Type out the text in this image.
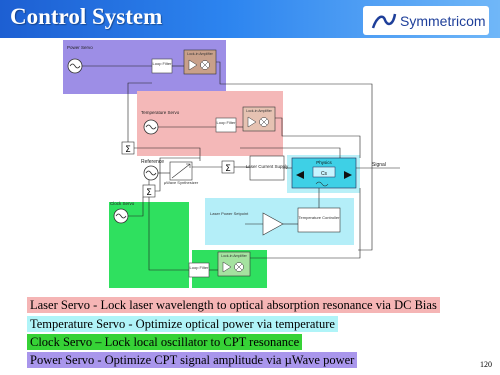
Control System	Symmetricom
Power Servo
Temperature Servo
Clock Servo
Reference
Loop Filter
Loop Filter
Loop Filter
Lock-in Amplifier
Lock-in Amplifier
Lock-in Amplifier
Σ
Σ
Σ
µWave Synthesizer
Laser Current Supply
Physics
Cs
Signal
Laser Power Setpoint
Temperature Controller
Laser Servo - Lock laser wavelength to optical absorption resonance via DC Bias
Temperature Servo - Optimize optical power via temperature
Clock Servo – Lock local oscillator to CPT resonance
Power Servo - Optimize CPT signal amplitude via µWave power	120
